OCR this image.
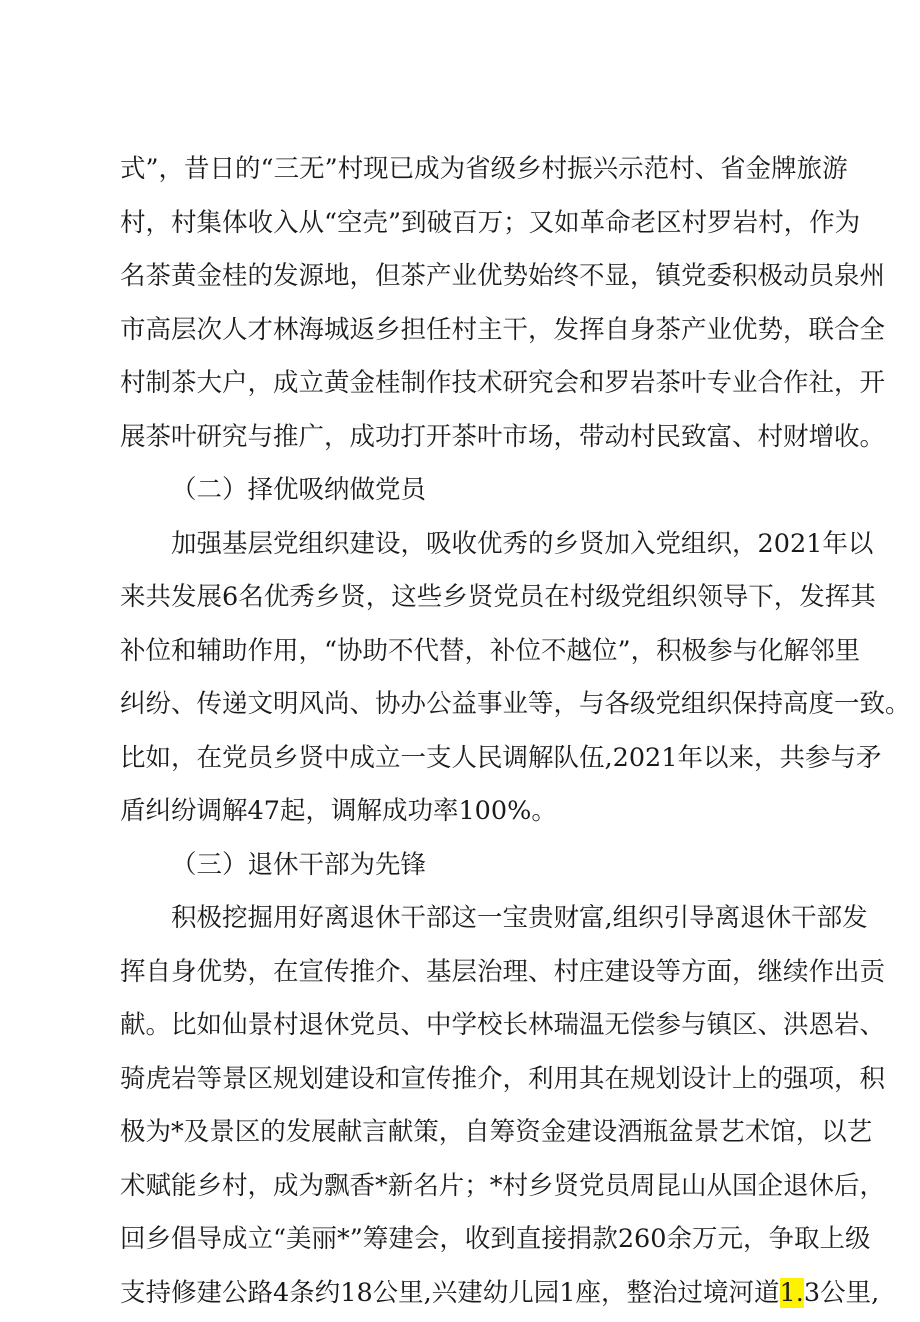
式”，昔日的“三无”村现已成为省级乡村振兴示范村、省金牌旅游
村，村集体收入从“空壳”到破百万；又如革命老区村罗岩村，作为
名茶黄金桂的发源地，但茶产业优势始终不显，镇党委积极动员泉州
市高层次人才林海城返乡担任村主干，发挥自身茶产业优势，联合全
村制茶大户，成立黄金桂制作技术研究会和罗岩茶叶专业合作社，开
展茶叶研究与推广，成功打开茶叶市场，带动村民致富、村财增收。
（二）择优吸纳做党员
加强基层党组织建设，吸收优秀的乡贤加入党组织，2021年以
来共发展6名优秀乡贤，这些乡贤党员在村级党组织领导下，发挥其
补位和辅助作用，“协助不代替，补位不越位”，积极参与化解邻里
纠纷、传递文明风尚、协办公益事业等，与各级党组织保持高度一致。
比如，在党员乡贤中成立一支人民调解队伍,2021年以来，共参与矛
盾纠纷调解47起，调解成功率100%。
（三）退休干部为先锋
积极挖掘用好离退休干部这一宝贵财富,组织引导离退休干部发
挥自身优势，在宣传推介、基层治理、村庄建设等方面，继续作出贡
献。比如仙景村退休党员、中学校长林瑞温无偿参与镇区、洪恩岩、
骑虎岩等景区规划建设和宣传推介，利用其在规划设计上的强项，积
极为*及景区的发展献言献策，自筹资金建设酒瓶盆景艺术馆，以艺
术赋能乡村，成为飘香*新名片；*村乡贤党员周昆山从国企退休后，
回乡倡导成立“美丽*”筹建会，收到直接捐款260余万元，争取上级
支持修建公路4条约18公里,兴建幼儿园1座，整治过境河道1.3公里,
